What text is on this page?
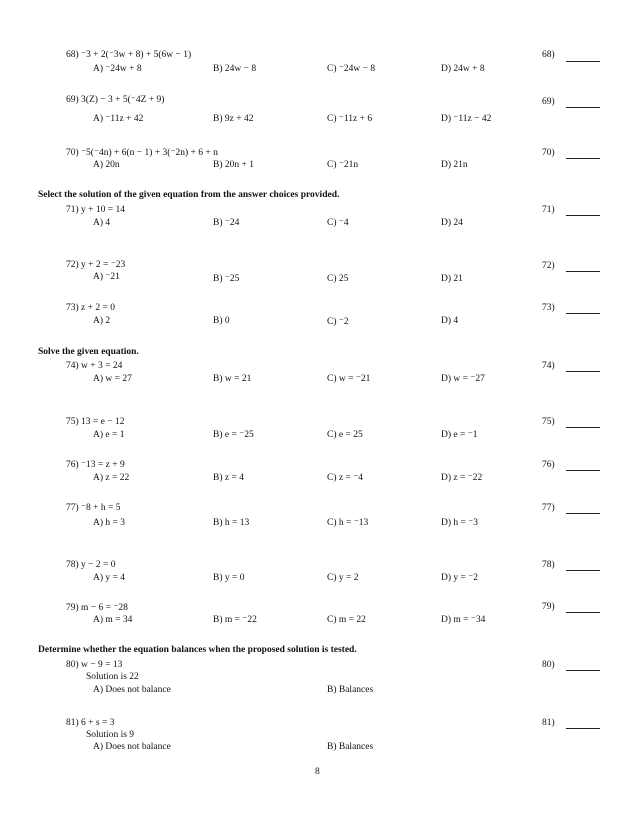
68) ⁻3 + 2(⁻3w + 8) + 5(6w − 1)
A) ⁻24w + 8	B) 24w − 8	C) ⁻24w − 8	D) 24w + 8
68)
69) 3(Z) − 3 + 5(⁻4Z + 9)
A) ⁻11z + 42	B) 9z + 42	C) ⁻11z + 6	D) ⁻11z − 42
69)
70) ⁻5(⁻4n) + 6(n − 1) + 3(⁻2n) + 6 + n
A) 20n	B) 20n + 1	C) ⁻21n	D) 21n
70)
Select the solution of the given equation from the answer choices provided.
71) y + 10 = 14
A) 4	B) ⁻24	C) ⁻4	D) 24
71)
72) y + 2 = ⁻23
A) ⁻21	B) ⁻25	C) 25	D) 21
72)
73) z + 2 = 0
A) 2	B) 0	C) ⁻2	D) 4
73)
Solve the given equation.
74) w + 3 = 24
A) w = 27	B) w = 21	C) w = ⁻21	D) w = ⁻27
74)
75) 13 = e − 12
A) e = 1	B) e = ⁻25	C) e = 25	D) e = ⁻1
75)
76) ⁻13 = z + 9
A) z = 22	B) z = 4	C) z = ⁻4	D) z = ⁻22
76)
77) ⁻8 + h = 5
A) h = 3	B) h = 13	C) h = ⁻13	D) h = ⁻3
77)
78) y − 2 = 0
A) y = 4	B) y = 0	C) y = 2	D) y = ⁻2
78)
79) m − 6 = ⁻28
A) m = 34	B) m = ⁻22	C) m = 22	D) m = ⁻34
79)
Determine whether the equation balances when the proposed solution is tested.
80) w − 9 = 13
Solution is 22
A) Does not balance	B) Balances
80)
81) 6 + s = 3
Solution is 9
A) Does not balance	B) Balances
81)
8
